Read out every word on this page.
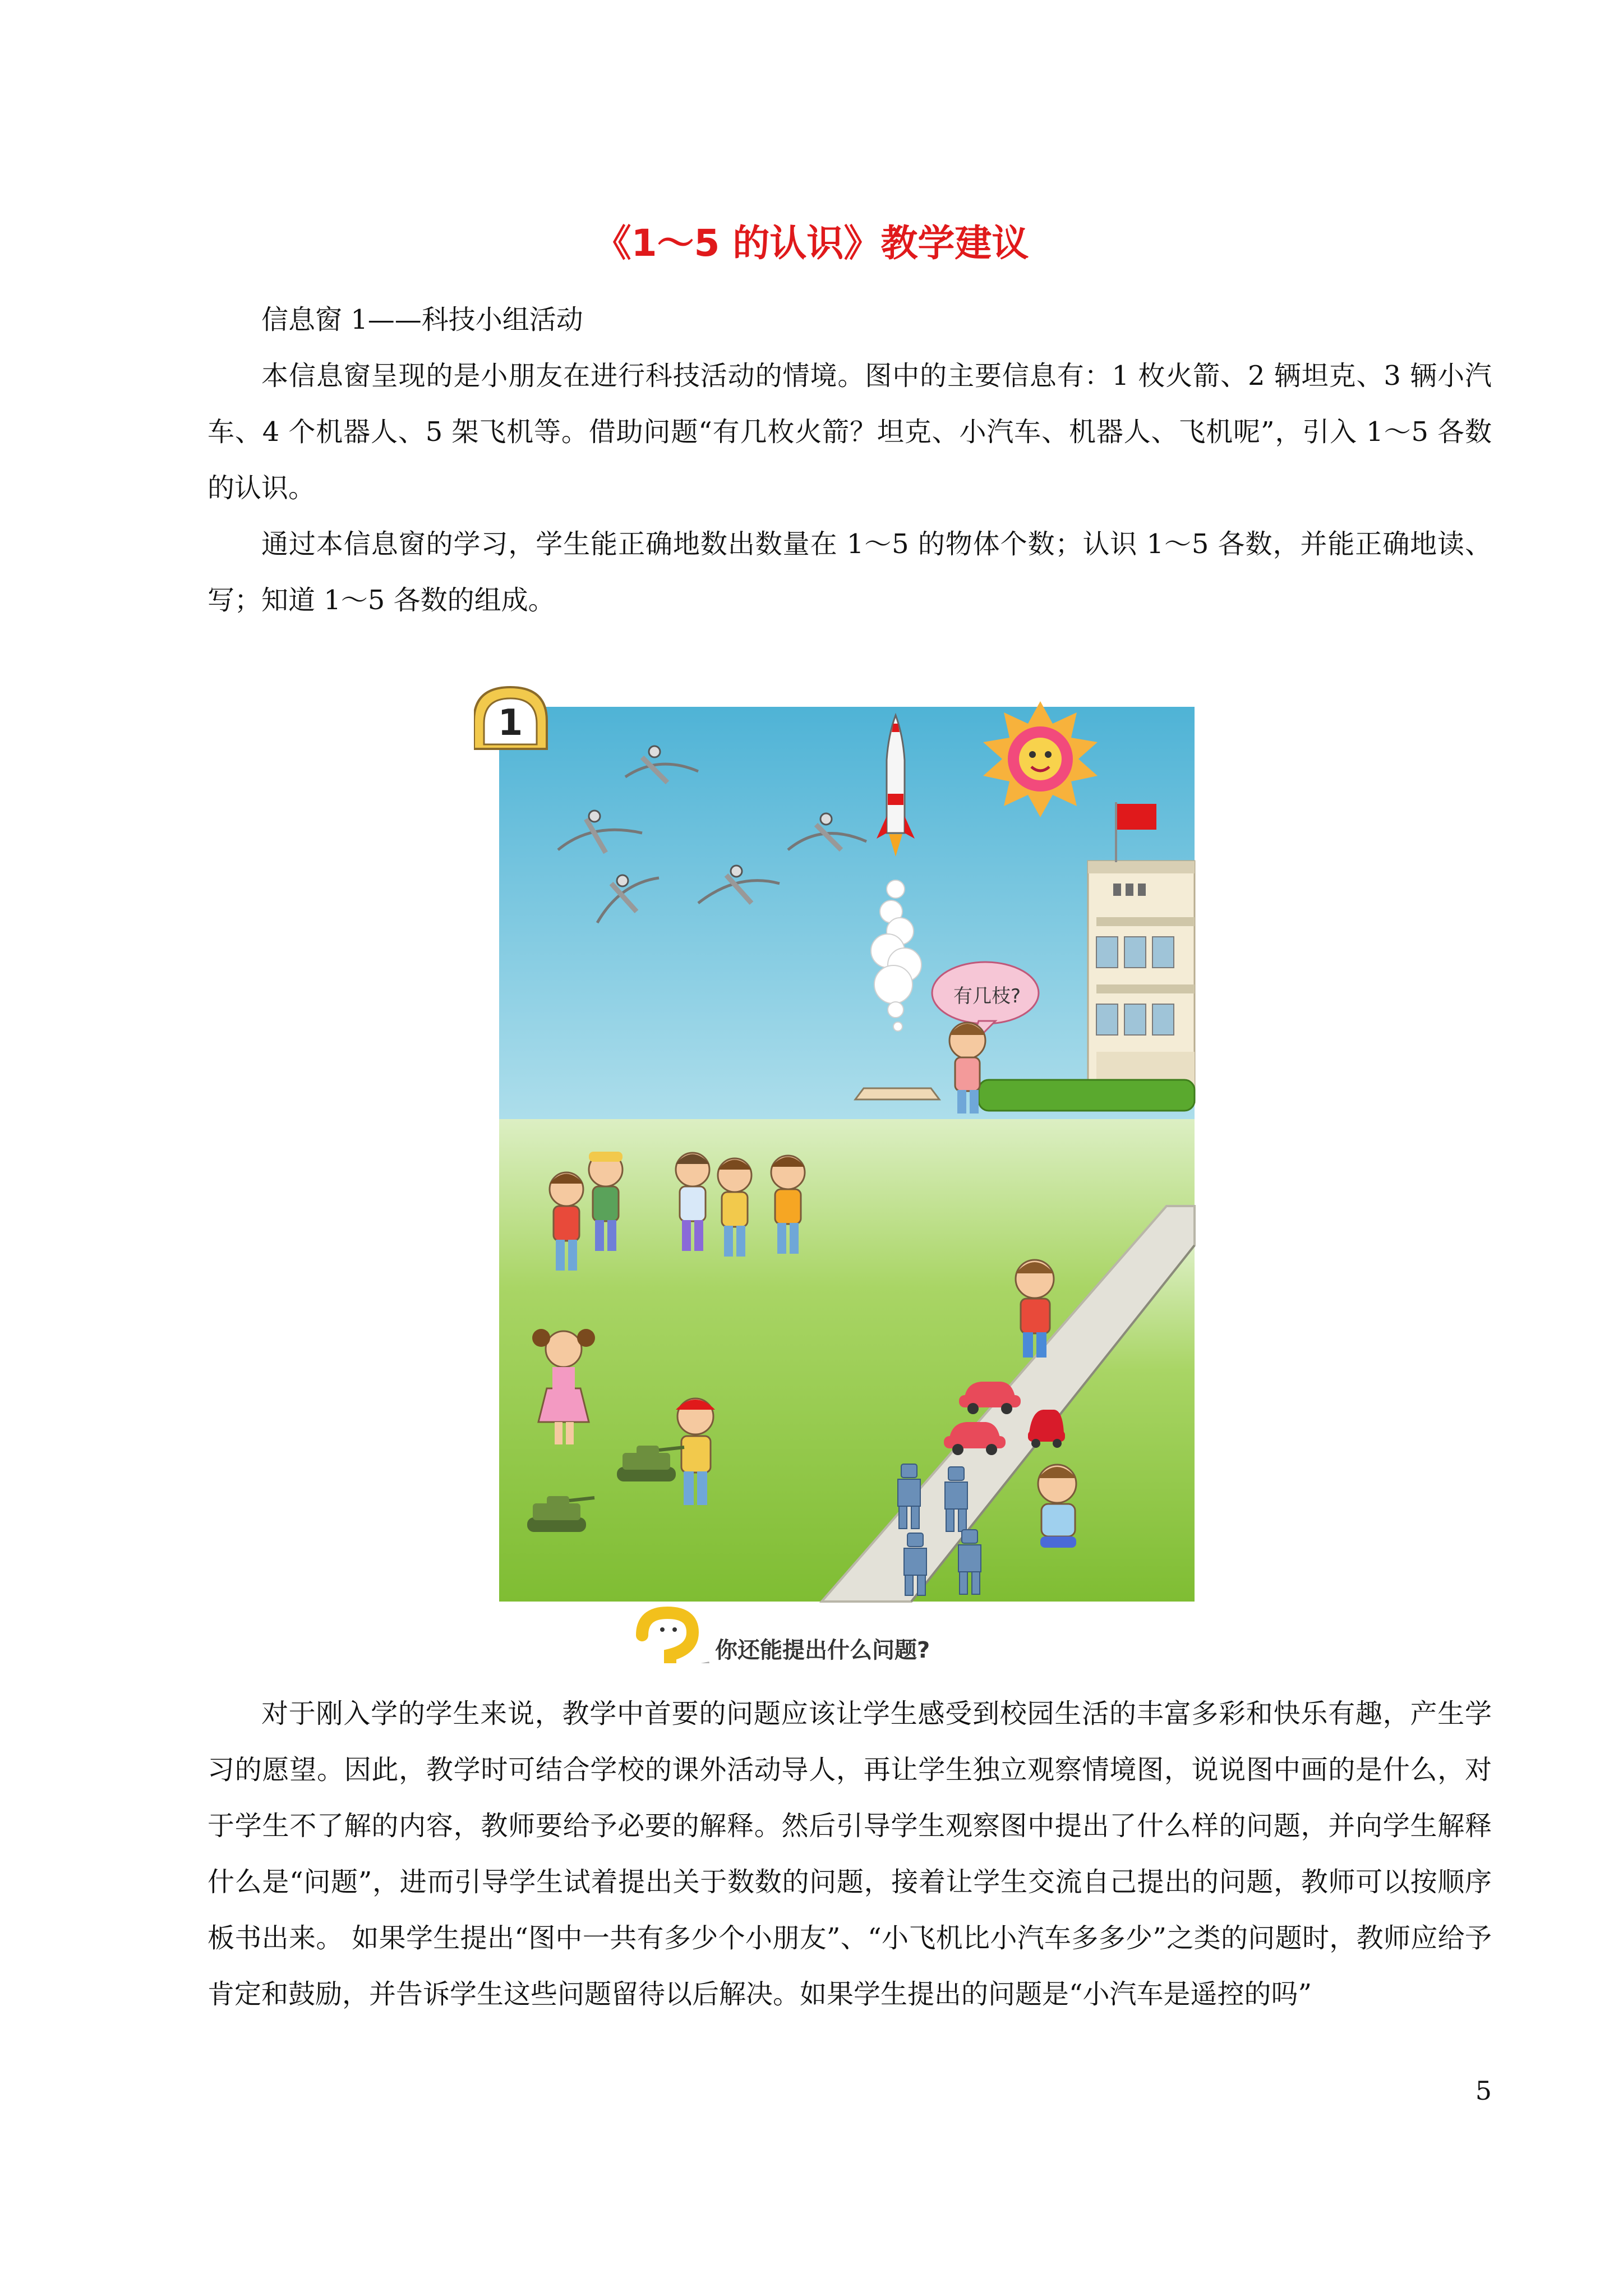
《1～5 的认识》教学建议

信息窗 1——科技小组活动

本信息窗呈现的是小朋友在进行科技活动的情境。图中的主要信息有：1 枚火箭、2 辆坦克、3 辆小汽车、4 个机器人、5 架飞机等。借助问题“有几枚火箭？坦克、小汽车、机器人、飞机呢”，引入 1～5 各数的认识。

通过本信息窗的学习，学生能正确地数出数量在 1～5 的物体个数；认识 1～5 各数，并能正确地读、写；知道 1～5 各数的组成。

1
有几枝?
你还能提出什么问题?

对于刚入学的学生来说，教学中首要的问题应该让学生感受到校园生活的丰富多彩和快乐有趣，产生学习的愿望。因此，教学时可结合学校的课外活动导人，再让学生独立观察情境图，说说图中画的是什么，对于学生不了解的内容，教师要给予必要的解释。然后引导学生观察图中提出了什么样的问题，并向学生解释什么是“问题”，进而引导学生试着提出关于数数的问题，接着让学生交流自己提出的问题，教师可以按顺序板书出来。 如果学生提出“图中一共有多少个小朋友”、“小飞机比小汽车多多少”之类的问题时，教师应给予肯定和鼓励，并告诉学生这些问题留待以后解决。如果学生提出的问题是“小汽车是遥控的吗”

5
